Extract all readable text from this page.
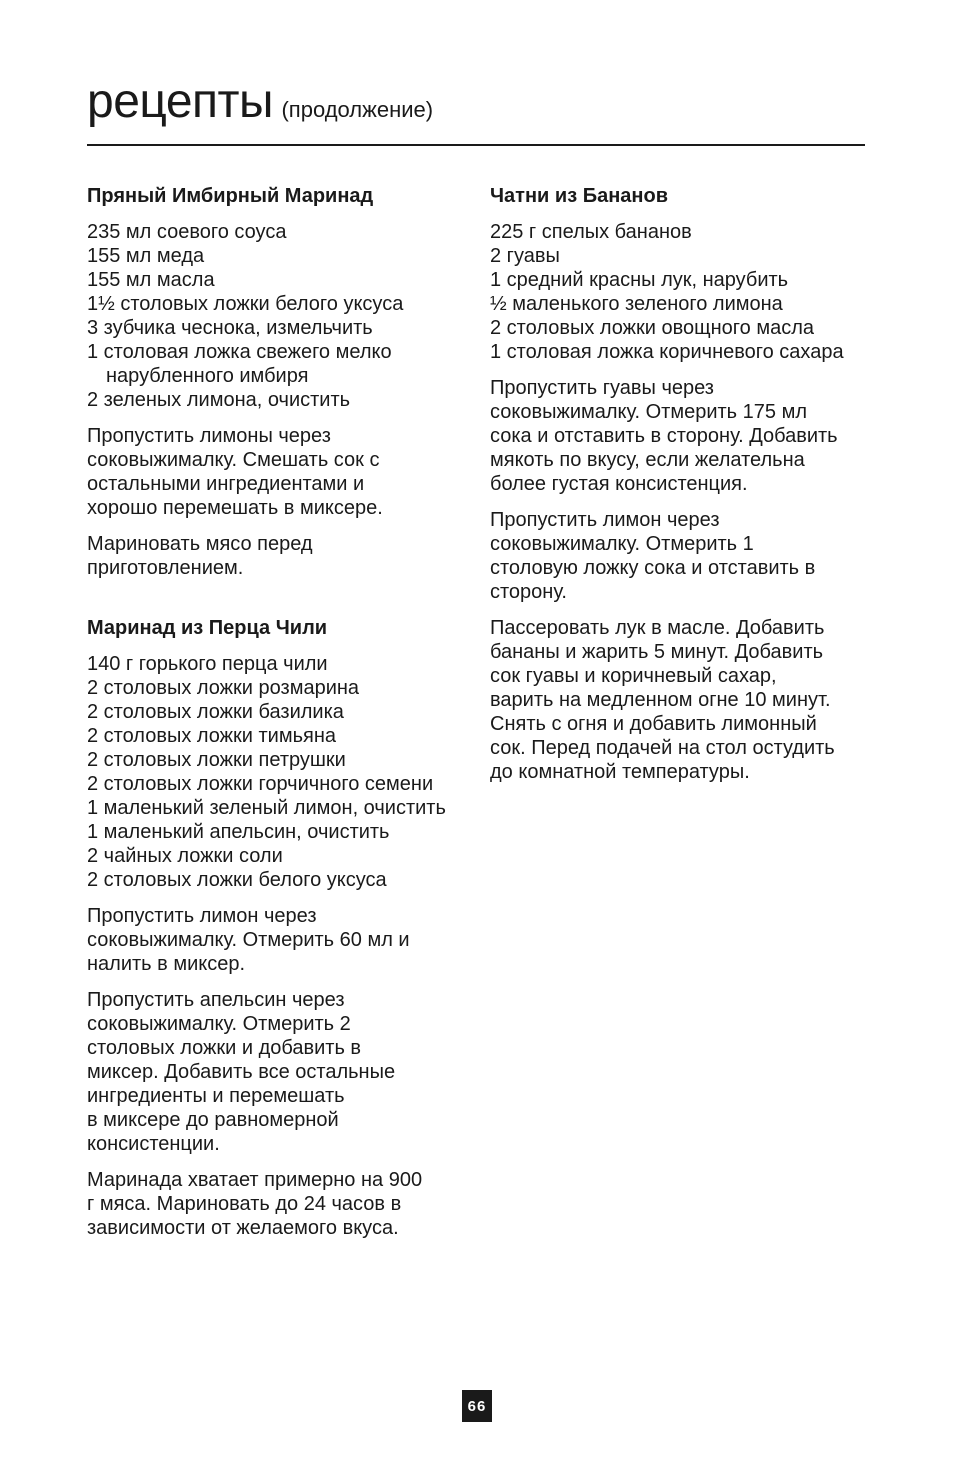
рецепты (продолжение)
Пряный Имбирный Маринад
235 мл соевого соуса
155 мл меда
155 мл масла
1½ столовых ложки белого уксуса
3 зубчика чеснока, измельчить
1 столовая ложка свежего мелко нарубленного имбиря
2 зеленых лимона, очистить

Пропустить лимоны через
соковыжималку. Смешать сок с
остальными ингредиентами и
хорошо перемешать в миксере.

Мариновать мясо перед
приготовлением.

Маринад из Перца Чили
140 г горького перца чили
2 столовых ложки розмарина
2 столовых ложки базилика
2 столовых ложки тимьяна
2 столовых ложки петрушки
2 столовых ложки горчичного семени
1 маленький зеленый лимон, очистить
1 маленький апельсин, очистить
2 чайных ложки соли
2 столовых ложки белого уксуса

Пропустить лимон через
соковыжималку. Отмерить 60 мл и
налить в миксер.

Пропустить апельсин через
соковыжималку. Отмерить 2
столовых ложки и добавить в
миксер. Добавить все остальные
ингредиенты и перемешать
в миксере до равномерной
консистенции.

Маринада хватает примерно на 900
г мяса. Мариновать до 24 часов в
зависимости от желаемого вкуса.

Чатни из Бананов
225 г спелых бананов
2 гуавы
1 средний красны лук, нарубить
½ маленького зеленого лимона
2 столовых ложки овощного масла
1 столовая ложка коричневого сахара

Пропустить гуавы через
соковыжималку. Отмерить 175 мл
сока и отставить в сторону. Добавить
мякоть по вкусу, если желательна
более густая консистенция.

Пропустить лимон через
соковыжималку. Отмерить 1
столовую ложку сока и отставить в
сторону.

Пассеровать лук в масле. Добавить
бананы и жарить 5 минут. Добавить
сок гуавы и коричневый сахар,
варить на медленном огне 10 минут.
Снять с огня и добавить лимонный
сок. Перед подачей на стол остудить
до комнатной температуры.

66
